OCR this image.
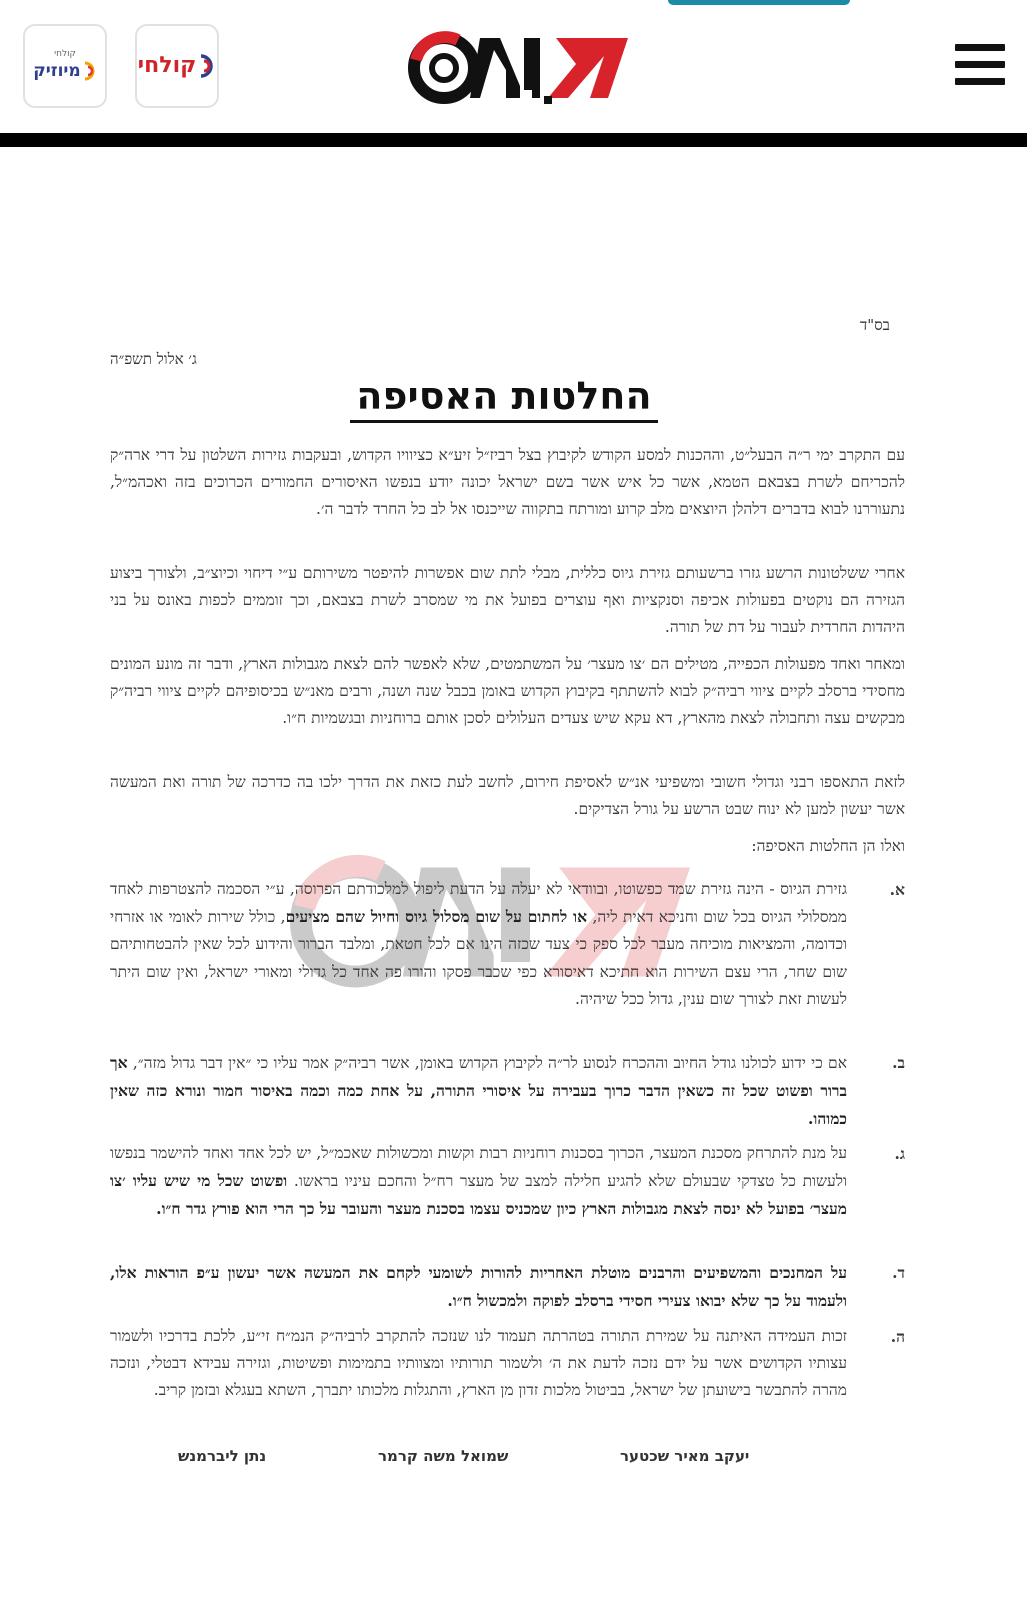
קולחי
מיוזיק	קולחי
בס"ד
ג׳ אלול תשפ״ה
החלטות האסיפה
עם התקרב ימי ר״ה הבעל״ט, וההכנות למסע הקודש לקיבוץ בצל רביז״ל זיע״א כציוויו הקדוש, ובעקבות גזירות השלטון על דרי ארה״ק להכריחם לשרת בצבאם הטמא, אשר כל איש אשר בשם ישראל יכונה יודע בנפשו האיסורים החמורים הכרוכים בזה ואכהמ״ל, נתעוררנו לבוא בדברים דלהלן היוצאים מלב קרוע ומורתח בתקווה שייכנסו אל לב כל החרד לדבר ה׳.
אחרי ששלטונות הרשע גזרו ברשעותם גזירת גיוס כללית, מבלי לתת שום אפשרות להיפטר משירותם ע״י דיחוי וכיוצ״ב, ולצורך ביצוע הגזירה הם נוקטים בפעולות אכיפה וסנקציות ואף עוצרים בפועל את מי שמסרב לשרת בצבאם, וכך זוממים לכפות באונס על בני היהדות החרדית לעבור על דת של תורה.
ומאחר ואחד מפעולות הכפייה, מטילים הם ׳צו מעצר׳ על המשתמטים, שלא לאפשר להם לצאת מגבולות הארץ, ודבר זה מונע המונים מחסידי ברסלב לקיים ציווי רביה״ק לבוא להשתתף בקיבוץ הקדוש באומן בכבל שנה ושנה, ורבים מאנ״ש בכיסופיהם לקיים ציווי רביה״ק מבקשים עצה ותחבולה לצאת מהארץ, דא עקא שיש צעדים העלולים לסכן אותם ברוחניות ובגשמיות ח״ו.
לזאת התאספו רבני וגדולי חשובי ומשפיעי אנ״ש לאסיפת חירום, לחשב לעת כזאת את הדרך ילכו בה כדרכה של תורה ואת המעשה אשר יעשון למען לא ינוח שבט הרשע על גורל הצדיקים.
ואלו הן החלטות האסיפה:
א.
גזירת הגיוס - הינה גזירת שמד כפשוטו, ובוודאי לא יעלה על הדעת ליפול למלכודתם הפרוסה, ע״י הסכמה להצטרפות לאחד ממסלולי הגיוס בכל שום וחניכא דאית ליה, או לחתום על שום מסלול גיוס וחיול שהם מציעים, כולל שירות לאומי או אזרחי וכדומה, והמציאות מוכיחה מעבר לכל ספק כי צעד שכזה הינו אם לכל חטאת, ומלבד הברור והידוע לכל שאין להבטחותיהם שום שחר, הרי עצם השירות הוא חתיכא דאיסורא כפי שכבר פסקו והורו פה אחד כל גדולי ומאורי ישראל, ואין שום היתר לעשות זאת לצורך שום ענין, גדול ככל שיהיה.
ב.
אם כי ידוע לכולנו גודל החיוב וההכרח לנסוע לר״ה לקיבוץ הקדוש באומן, אשר רביה״ק אמר עליו כי ״אין דבר גדול מזה״, אך ברור ופשוט שכל זה כשאין הדבר כרוך בעבירה על איסורי התורה, על אחת כמה וכמה באיסור חמור ונורא כזה שאין כמוהו.
ג.
על מנת להתרחק מסכנת המעצר, הכרוך בסכנות רוחניות רבות וקשות ומכשולות שאכמ״ל, יש לכל אחד ואחד להישמר בנפשו ולעשות כל טצדקי שבעולם שלא להגיע חלילה למצב של מעצר רח״ל והחכם עיניו בראשו. ופשוט שכל מי שיש עליו ׳צו מעצר׳ בפועל לא ינסה לצאת מגבולות הארץ כיון שמכניס עצמו בסכנת מעצר והעובר על כך הרי הוא פורץ גדר ח״ו.
ד.
על המחנכים והמשפיעים והרבנים מוטלת האחריות להורות לשומעי לקחם את המעשה אשר יעשון ע״פ הוראות אלו, ולעמוד על כך שלא יבואו צעירי חסידי ברסלב לפוקה ולמכשול ח״ו.
ה.
זכות העמידה האיתנה על שמירת התורה בטהרתה תעמוד לנו שנזכה להתקרב לרביה״ק הנמ״ח זי״ע, ללכת בדרכיו ולשמור עצותיו הקדושים אשר על ידם נזכה לדעת את ה׳ ולשמור תורותיו ומצוותיו בתמימות ופשיטות, וגזירה עבידא דבטלי, ונזכה מהרה להתבשר בישועתן של ישראל, בביטול מלכות זדון מן הארץ, והתגלות מלכותו יתברך, השתא בעגלא ובזמן קריב.
יעקב מאיר שכטער
שמואל משה קרמר
נתן ליברמנש
